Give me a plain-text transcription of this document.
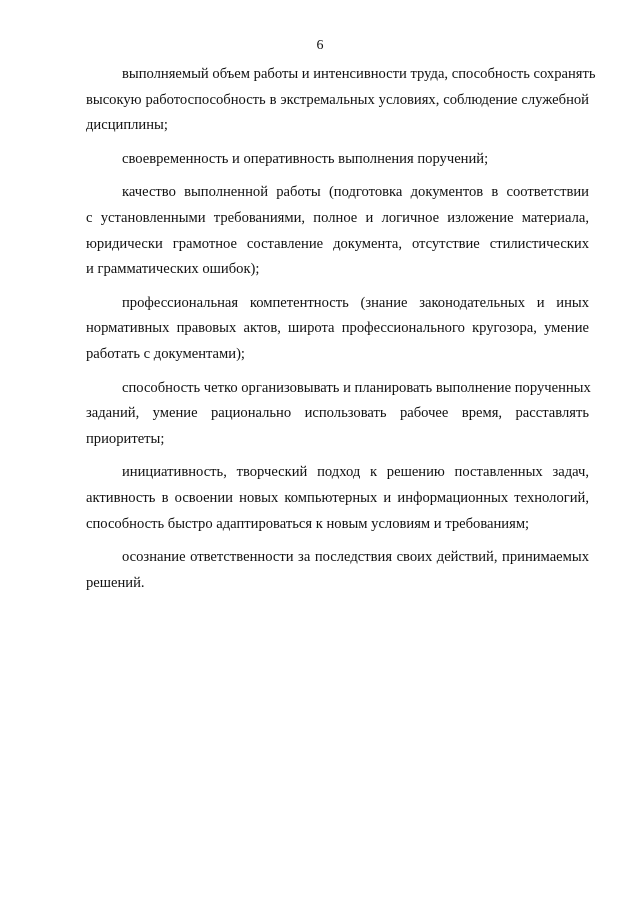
6

выполняемый объем работы и интенсивности труда, способность сохранять
высокую работоспособность в экстремальных условиях, соблюдение служебной
дисциплины;

своевременность и оперативность выполнения поручений;

качество выполненной работы (подготовка документов в соответствии
с установленными требованиями, полное и логичное изложение материала,
юридически грамотное составление документа, отсутствие стилистических
и грамматических ошибок);

профессиональная компетентность (знание законодательных и иных
нормативных правовых актов, широта профессионального кругозора, умение
работать с документами);

способность четко организовывать и планировать выполнение порученных
заданий, умение рационально использовать рабочее время, расставлять
приоритеты;

инициативность, творческий подход к решению поставленных задач,
активность в освоении новых компьютерных и информационных технологий,
способность быстро адаптироваться к новым условиям и требованиям;

осознание ответственности за последствия своих действий, принимаемых
решений.
